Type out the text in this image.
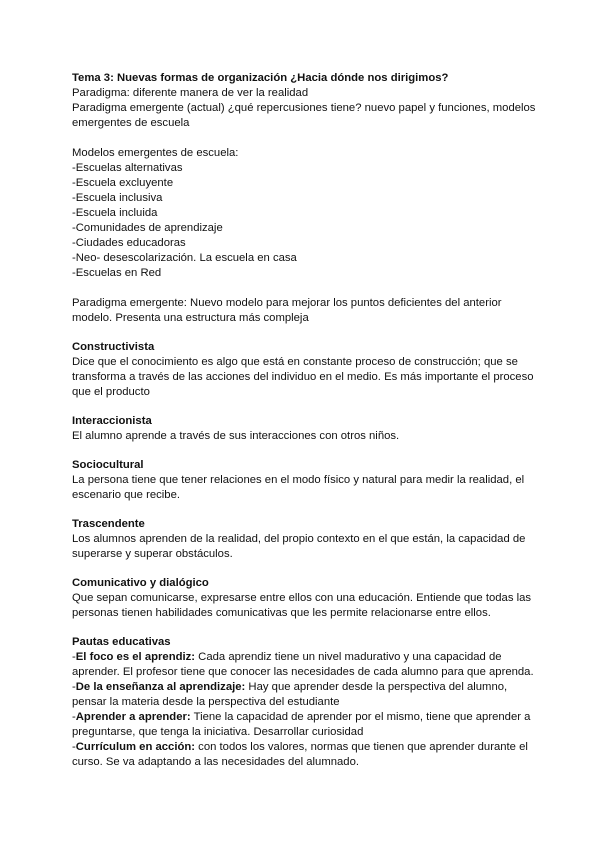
Tema 3: Nuevas formas de organización ¿Hacia dónde nos dirigimos?

Paradigma: diferente manera de ver la realidad

Paradigma emergente (actual) ¿qué repercusiones tiene? nuevo papel y funciones, modelos

emergentes de escuela

Modelos emergentes de escuela:

-Escuelas alternativas

-Escuela excluyente

-Escuela inclusiva

-Escuela incluida

-Comunidades de aprendizaje

-Ciudades educadoras

-Neo- desescolarización. La escuela en casa

-Escuelas en Red

Paradigma emergente: Nuevo modelo para mejorar los puntos deficientes del anterior

modelo. Presenta una estructura más compleja

Constructivista

Dice que el conocimiento es algo que está en constante proceso de construcción; que se

transforma a través de las acciones del individuo en el medio. Es más importante el proceso

que el producto

Interaccionista

El alumno aprende a través de sus interacciones con otros niños.

Sociocultural

La persona tiene que tener relaciones en el modo físico y natural para medir la realidad, el

escenario que recibe.

Trascendente

Los alumnos aprenden de la realidad, del propio contexto en el que están, la capacidad de

superarse y superar obstáculos.

Comunicativo y dialógico

Que sepan comunicarse, expresarse entre ellos con una educación. Entiende que todas las

personas tienen habilidades comunicativas que les permite relacionarse entre ellos.

Pautas educativas

-El foco es el aprendiz: Cada aprendiz tiene un nivel madurativo y una capacidad de

aprender. El profesor tiene que conocer las necesidades de cada alumno para que aprenda.

-De la enseñanza al aprendizaje: Hay que aprender desde la perspectiva del alumno,

pensar la materia desde la perspectiva del estudiante

-Aprender a aprender: Tiene la capacidad de aprender por el mismo, tiene que aprender a

preguntarse, que tenga la iniciativa. Desarrollar curiosidad

-Currículum en acción: con todos los valores, normas que tienen que aprender durante el

curso. Se va adaptando a las necesidades del alumnado.
